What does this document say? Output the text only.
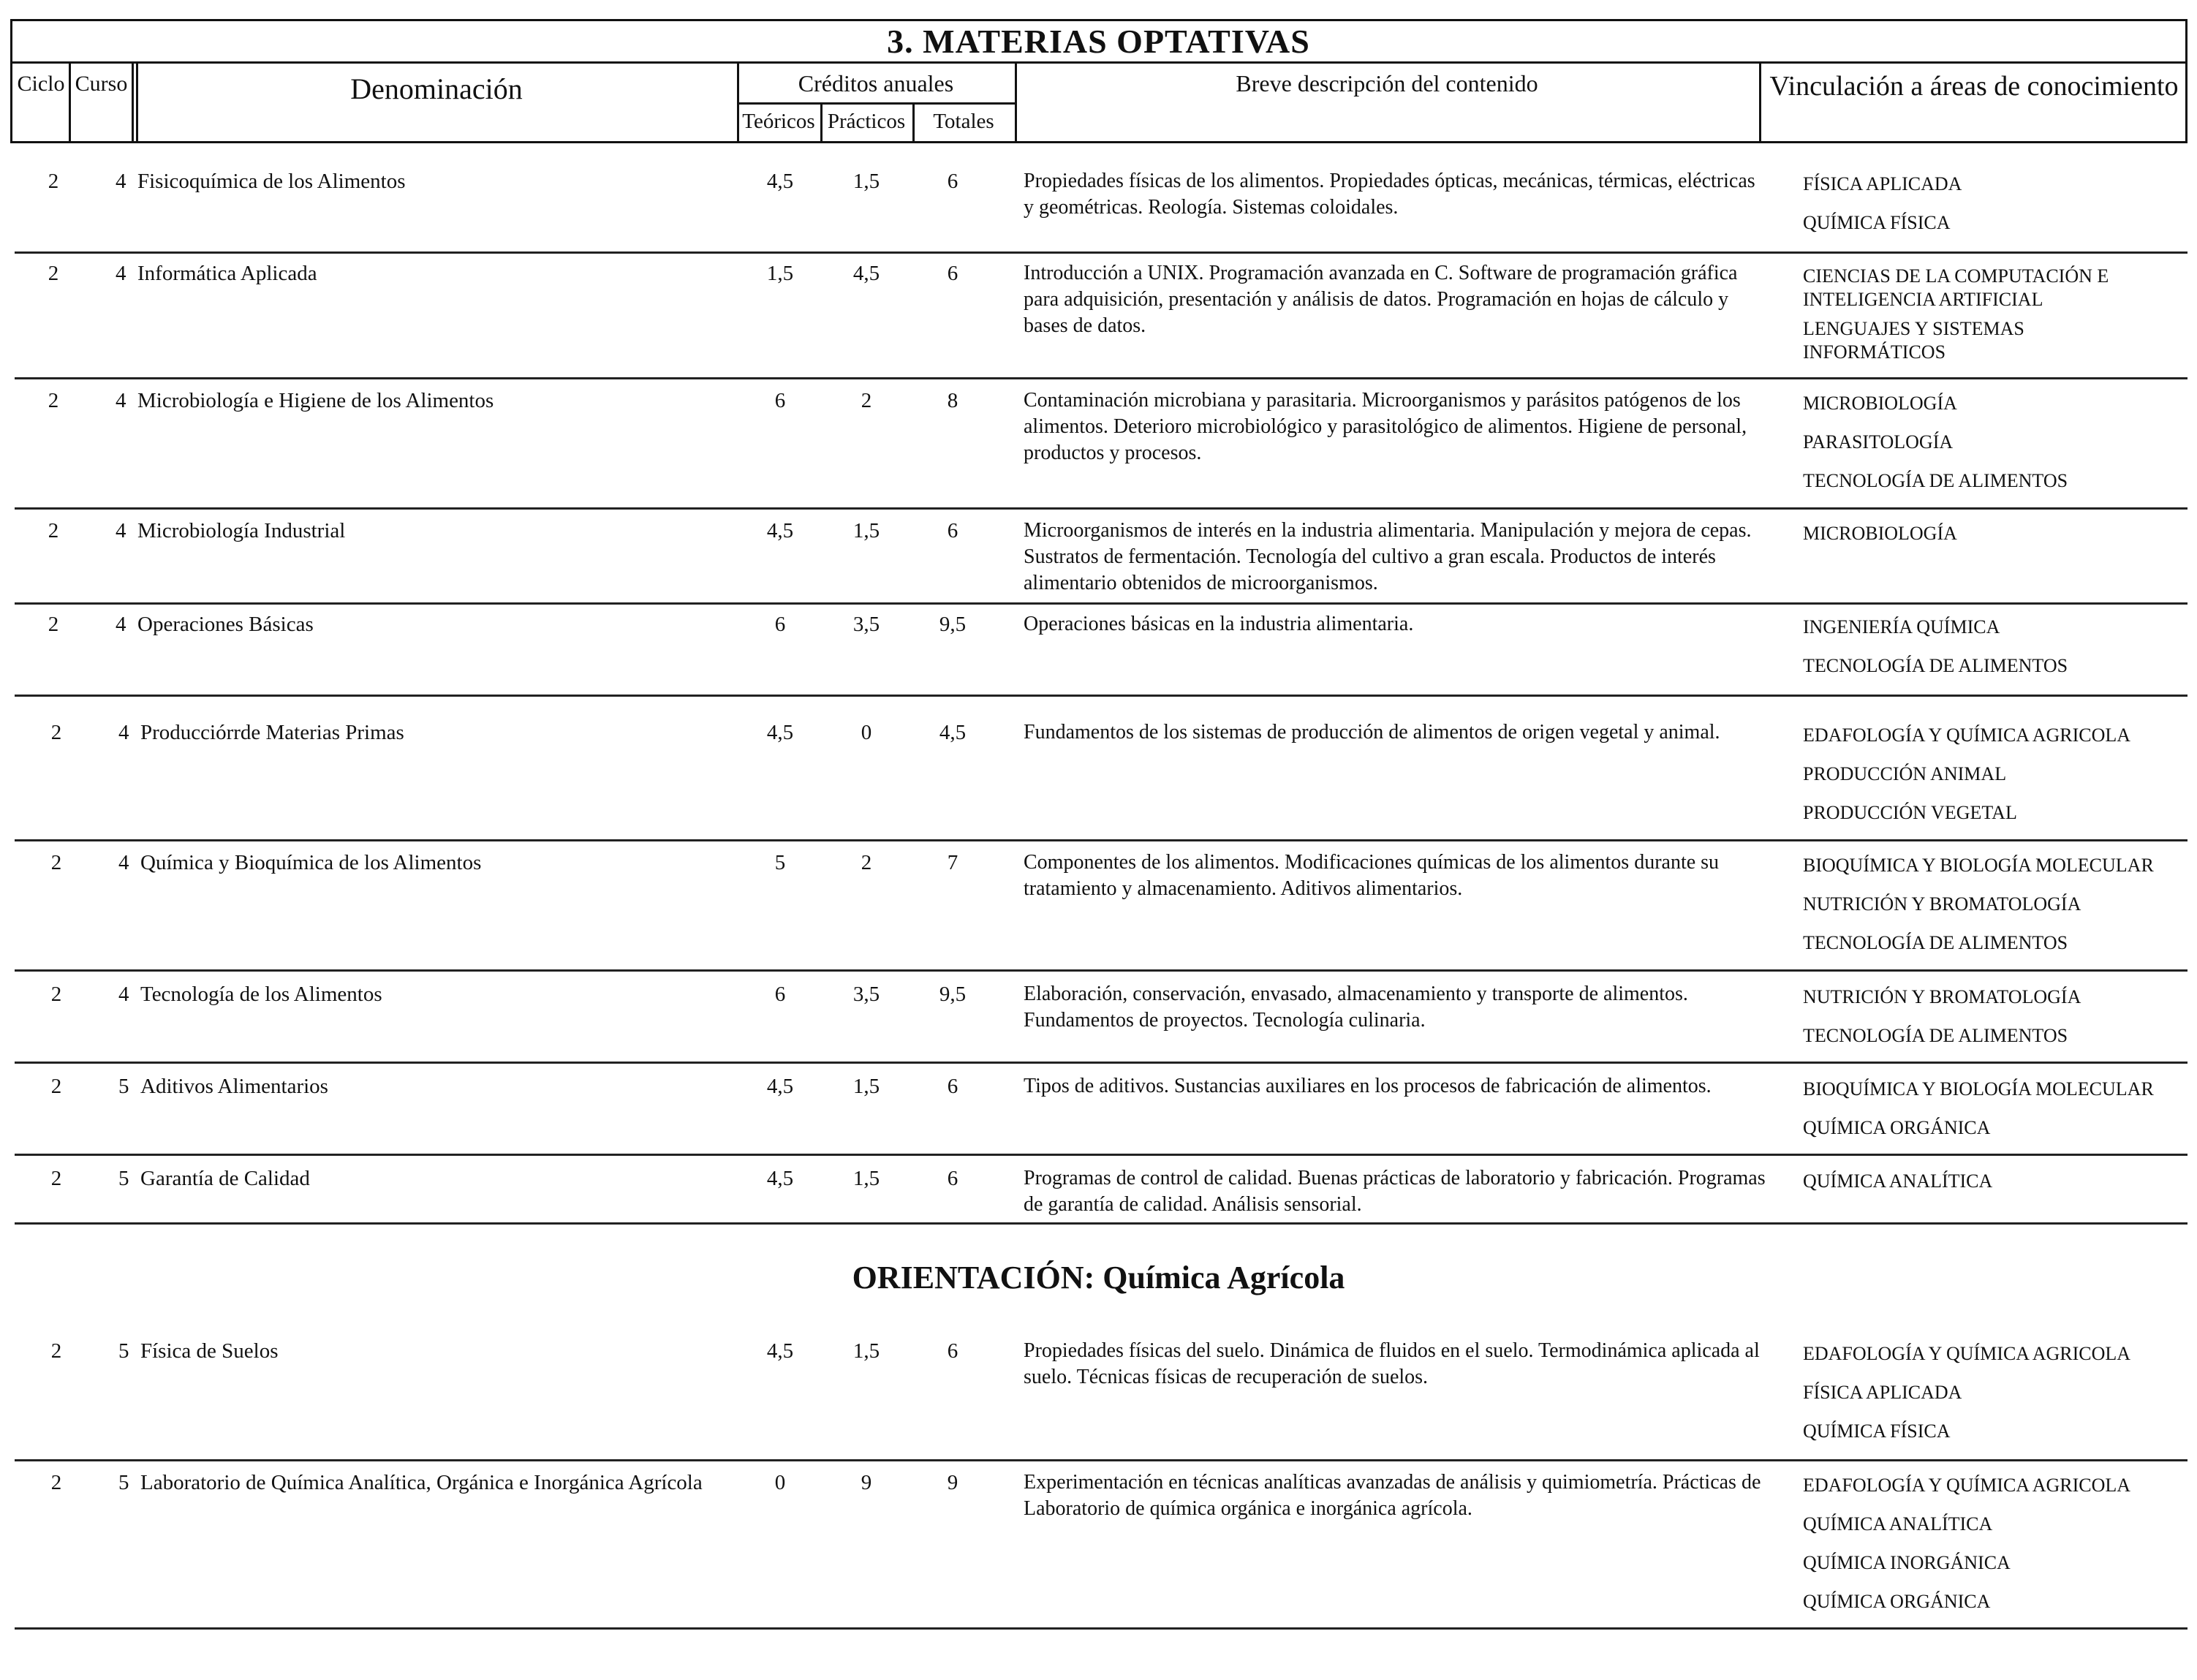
3. MATERIAS OPTATIVAS
Ciclo Curso	Denominación	Créditos anuales
Teóricos Prácticos	Totales
Breve descripción del contenido	Vinculación a áreas de conocimiento
2	4 Fisicoquímica de los Alimentos	4,5	1,5	6	Propiedades físicas de los alimentos. Propiedades ópticas, mecánicas, térmicas, eléctricas y geométricas. Reología. Sistemas coloidales.
FÍSICA APLICADA
QUÍMICA FÍSICA
2	4 Informática Aplicada	1,5	4,5	6	Introducción a UNIX. Programación avanzada en C. Software de programación gráfica para adquisición, presentación y análisis de datos. Programación en hojas de cálculo y bases de datos.
CIENCIAS DE LA COMPUTACIÓN E INTELIGENCIA ARTIFICIAL
LENGUAJES Y SISTEMAS INFORMÁTICOS
2	4 Microbiología e Higiene de los Alimentos	6	2	8	Contaminación microbiana y parasitaria. Microorganismos y parásitos patógenos de los alimentos. Deterioro microbiológico y parasitológico de alimentos. Higiene de personal, productos y procesos.
MICROBIOLOGÍA
PARASITOLOGÍA
TECNOLOGÍA DE ALIMENTOS
2	4 Microbiología Industrial	4,5	1,5	6	Microorganismos de interés en la industria alimentaria. Manipulación y mejora de cepas. Sustratos de fermentación. Tecnología del cultivo a gran escala. Productos de interés alimentario obtenidos de microorganismos.
MICROBIOLOGÍA
2	4 Operaciones Básicas	6	3,5	9,5	Operaciones básicas en la industria alimentaria.	INGENIERÍA QUÍMICA
TECNOLOGÍA DE ALIMENTOS
2	4 Producciórrde Materias Primas	4,5	0	4,5	Fundamentos de los sistemas de producción de alimentos de origen vegetal y animal.	EDAFOLOGÍA Y QUÍMICA AGRICOLA
PRODUCCIÓN ANIMAL
PRODUCCIÓN VEGETAL
2	4 Química y Bioquímica de los Alimentos	5	2	7	Componentes de los alimentos. Modificaciones químicas de los alimentos durante su tratamiento y almacenamiento. Aditivos alimentarios.
BIOQUÍMICA Y BIOLOGÍA MOLECULAR
NUTRICIÓN Y BROMATOLOGÍA
TECNOLOGÍA DE ALIMENTOS
2	4 Tecnología de los Alimentos	6	3,5	9,5	Elaboración, conservación, envasado, almacenamiento y transporte de alimentos. Fundamentos de proyectos. Tecnología culinaria.
NUTRICIÓN Y BROMATOLOGÍA
TECNOLOGÍA DE ALIMENTOS
2	5 Aditivos Alimentarios	4,5	1,5	6	Tipos de aditivos. Sustancias auxiliares en los procesos de fabricación de alimentos.	BIOQUÍMICA Y BIOLOGÍA MOLECULAR
QUÍMICA ORGÁNICA
2	5 Garantía de Calidad	4,5	1,5	6	Programas de control de calidad. Buenas prácticas de laboratorio y fabricación. Programas de garantía de calidad. Análisis sensorial.
QUÍMICA ANALÍTICA
ORIENTACIÓN: Química Agrícola
2	5 Física de Suelos	4,5	1,5	6	Propiedades físicas del suelo. Dinámica de fluidos en el suelo. Termodinámica aplicada al suelo. Técnicas físicas de recuperación de suelos.
EDAFOLOGÍA Y QUÍMICA AGRICOLA
FÍSICA APLICADA
QUÍMICA FÍSICA
2	5 Laboratorio de Química Analítica, Orgánica e Inorgánica Agrícola	0	9	9	Experimentación en técnicas analíticas avanzadas de análisis y quimiometría. Prácticas de Laboratorio de química orgánica e inorgánica agrícola.
EDAFOLOGÍA Y QUÍMICA AGRICOLA
QUÍMICA ANALÍTICA
QUÍMICA INORGÁNICA
QUÍMICA ORGÁNICA
